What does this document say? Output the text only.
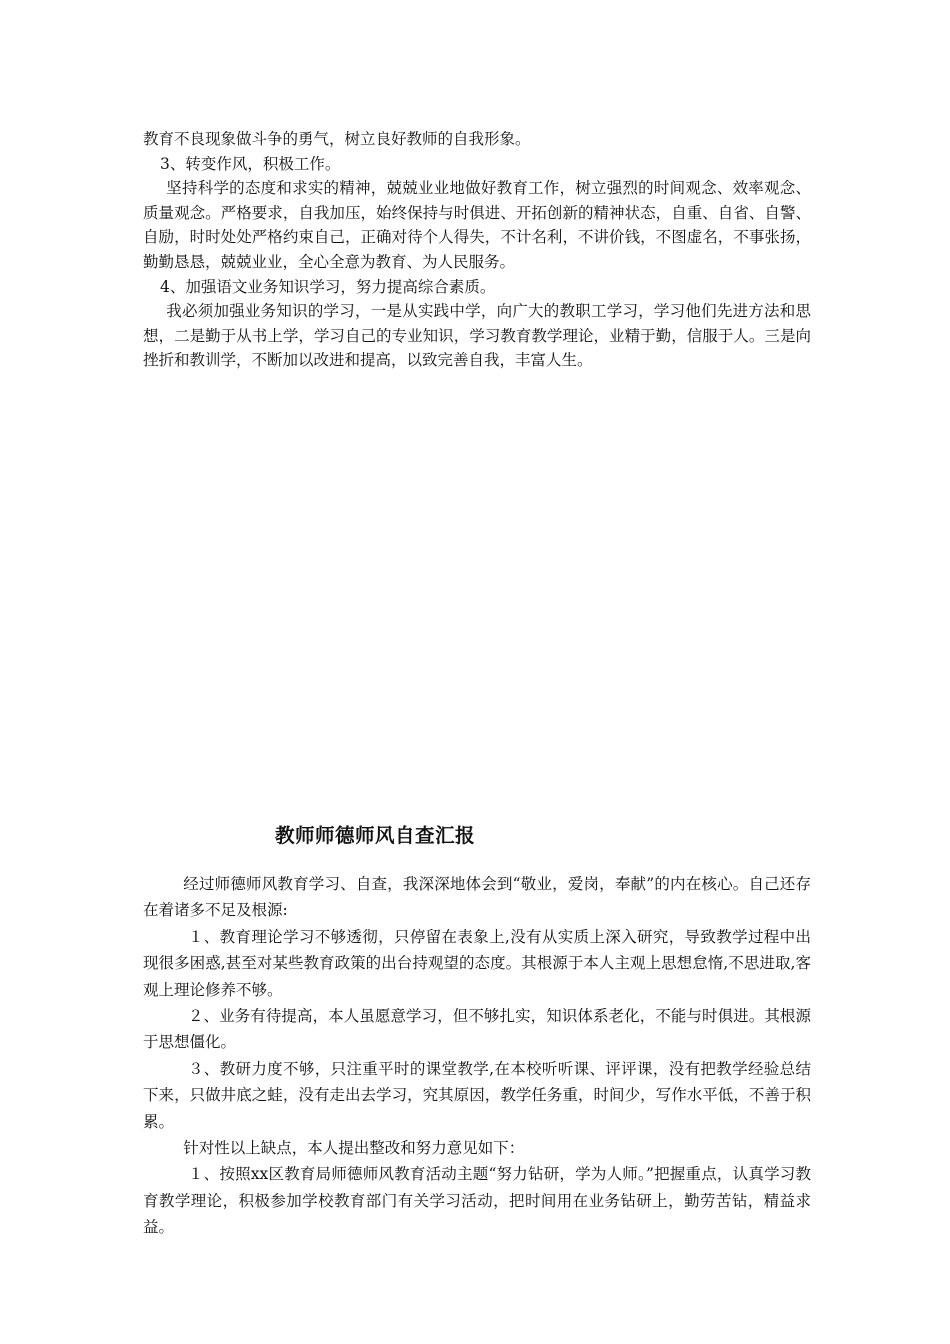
教育不良现象做斗争的勇气，树立良好教师的自我形象。

3、转变作风，积极工作。

坚持科学的态度和求实的精神，兢兢业业地做好教育工作，树立强烈的时间观念、效率观念、质量观念。严格要求，自我加压，始终保持与时俱进、开拓创新的精神状态，自重、自省、自警、自励，时时处处严格约束自己，正确对待个人得失，不计名利，不讲价钱，不图虚名，不事张扬，勤勤恳恳，兢兢业业，全心全意为教育、为人民服务。

4、加强语文业务知识学习，努力提高综合素质。

我必须加强业务知识的学习，一是从实践中学，向广大的教职工学习，学习他们先进方法和思想，二是勤于从书上学，学习自己的专业知识，学习教育教学理论，业精于勤，信服于人。三是向挫折和教训学，不断加以改进和提高，以致完善自我，丰富人生。

教师师德师风自查汇报

经过师德师风教育学习、自查，我深深地体会到“敬业，爱岗，奉献”的内在核心。自己还存在着诸多不足及根源:

１、教育理论学习不够透彻，只停留在表象上,没有从实质上深入研究，导致教学过程中出现很多困惑,甚至对某些教育政策的出台持观望的态度。其根源于本人主观上思想怠惰,不思进取,客观上理论修养不够。

２、业务有待提高，本人虽愿意学习，但不够扎实，知识体系老化，不能与时俱进。其根源于思想僵化。

３、教研力度不够，只注重平时的课堂教学,在本校听听课、评评课，没有把教学经验总结下来，只做井底之蛙，没有走出去学习，究其原因，教学任务重，时间少，写作水平低，不善于积累。

针对性以上缺点，本人提出整改和努力意见如下：

１、按照xx区教育局师德师风教育活动主题“努力钻研，学为人师。”把握重点，认真学习教育教学理论，积极参加学校教育部门有关学习活动，把时间用在业务钻研上，勤劳苦钻，精益求益。
